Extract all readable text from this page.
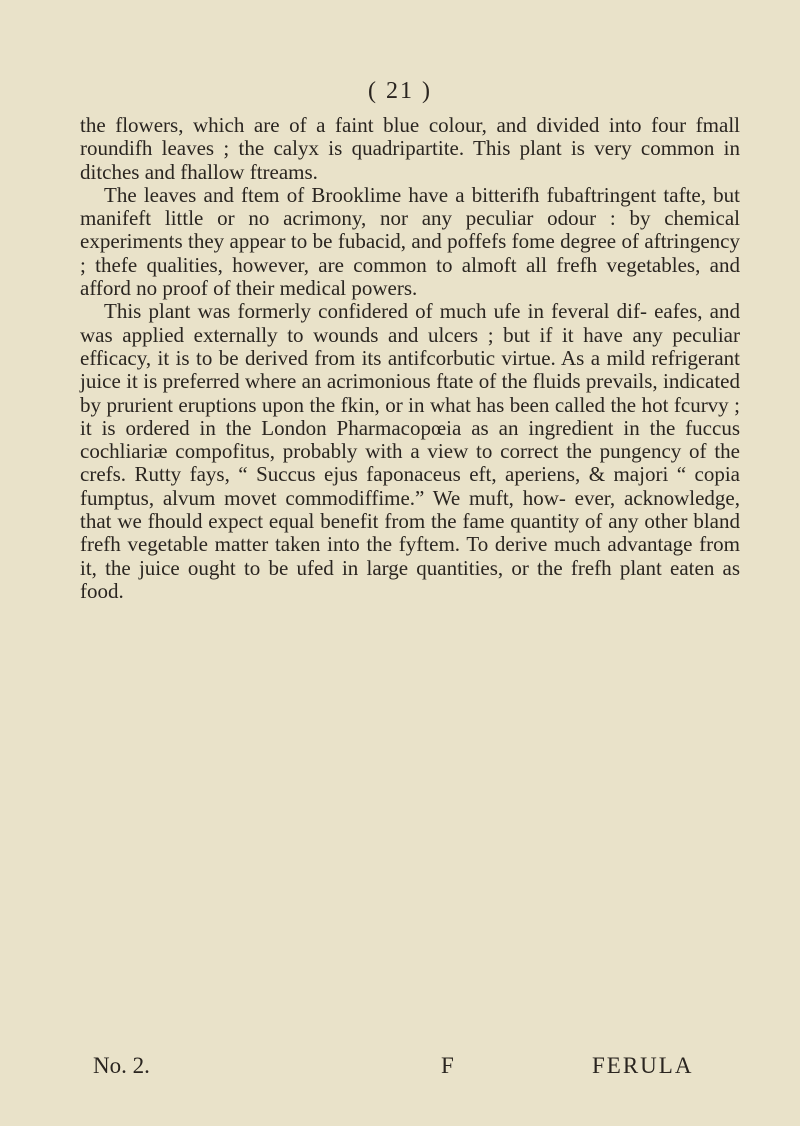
( 21 )

the flowers, which are of a faint blue colour, and divided into four fmall roundifh leaves ; the calyx is quadripartite. This plant is very common in ditches and fhallow ftreams.

The leaves and ftem of Brooklime have a bitterifh fubaftringent tafte, but manifeft little or no acrimony, nor any peculiar odour : by chemical experiments they appear to be fubacid, and poffefs fome degree of aftringency ; thefe qualities, however, are common to almoft all frefh vegetables, and afford no proof of their medical powers.

This plant was formerly confidered of much ufe in feveral dif- eafes, and was applied externally to wounds and ulcers ; but if it have any peculiar efficacy, it is to be derived from its antifcorbutic virtue. As a mild refrigerant juice it is preferred where an acrimonious ftate of the fluids prevails, indicated by prurient eruptions upon the fkin, or in what has been called the hot fcurvy ; it is ordered in the London Pharmacopœia as an ingredient in the fuccus cochliariæ compofitus, probably with a view to correct the pungency of the crefs. Rutty fays, “ Succus ejus faponaceus eft, aperiens, & majori “ copia fumptus, alvum movet commodiffime.” We muft, how- ever, acknowledge, that we fhould expect equal benefit from the fame quantity of any other bland frefh vegetable matter taken into the fyftem. To derive much advantage from it, the juice ought to be ufed in large quantities, or the frefh plant eaten as food.

No. 2.	F	FERULA
